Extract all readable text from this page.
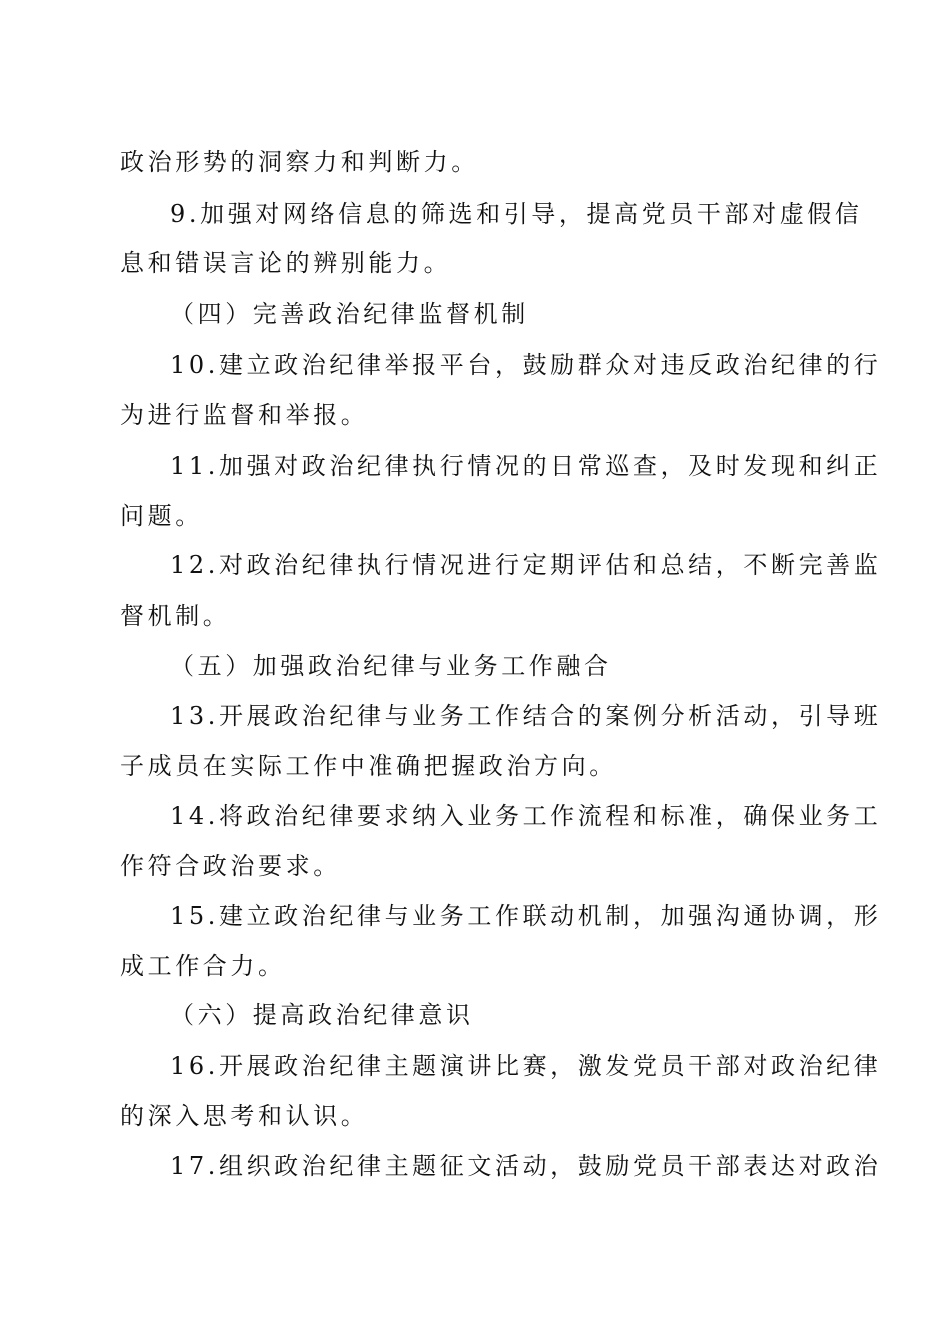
政治形势的洞察力和判断力。
9.加强对网络信息的筛选和引导，提高党员干部对虚假信
息和错误言论的辨别能力。
（四）完善政治纪律监督机制
10.建立政治纪律举报平台，鼓励群众对违反政治纪律的行
为进行监督和举报。
11.加强对政治纪律执行情况的日常巡查，及时发现和纠正
问题。
12.对政治纪律执行情况进行定期评估和总结，不断完善监
督机制。
（五）加强政治纪律与业务工作融合
13.开展政治纪律与业务工作结合的案例分析活动，引导班
子成员在实际工作中准确把握政治方向。
14.将政治纪律要求纳入业务工作流程和标准，确保业务工
作符合政治要求。
15.建立政治纪律与业务工作联动机制，加强沟通协调，形
成工作合力。
（六）提高政治纪律意识
16.开展政治纪律主题演讲比赛，激发党员干部对政治纪律
的深入思考和认识。
17.组织政治纪律主题征文活动，鼓励党员干部表达对政治
